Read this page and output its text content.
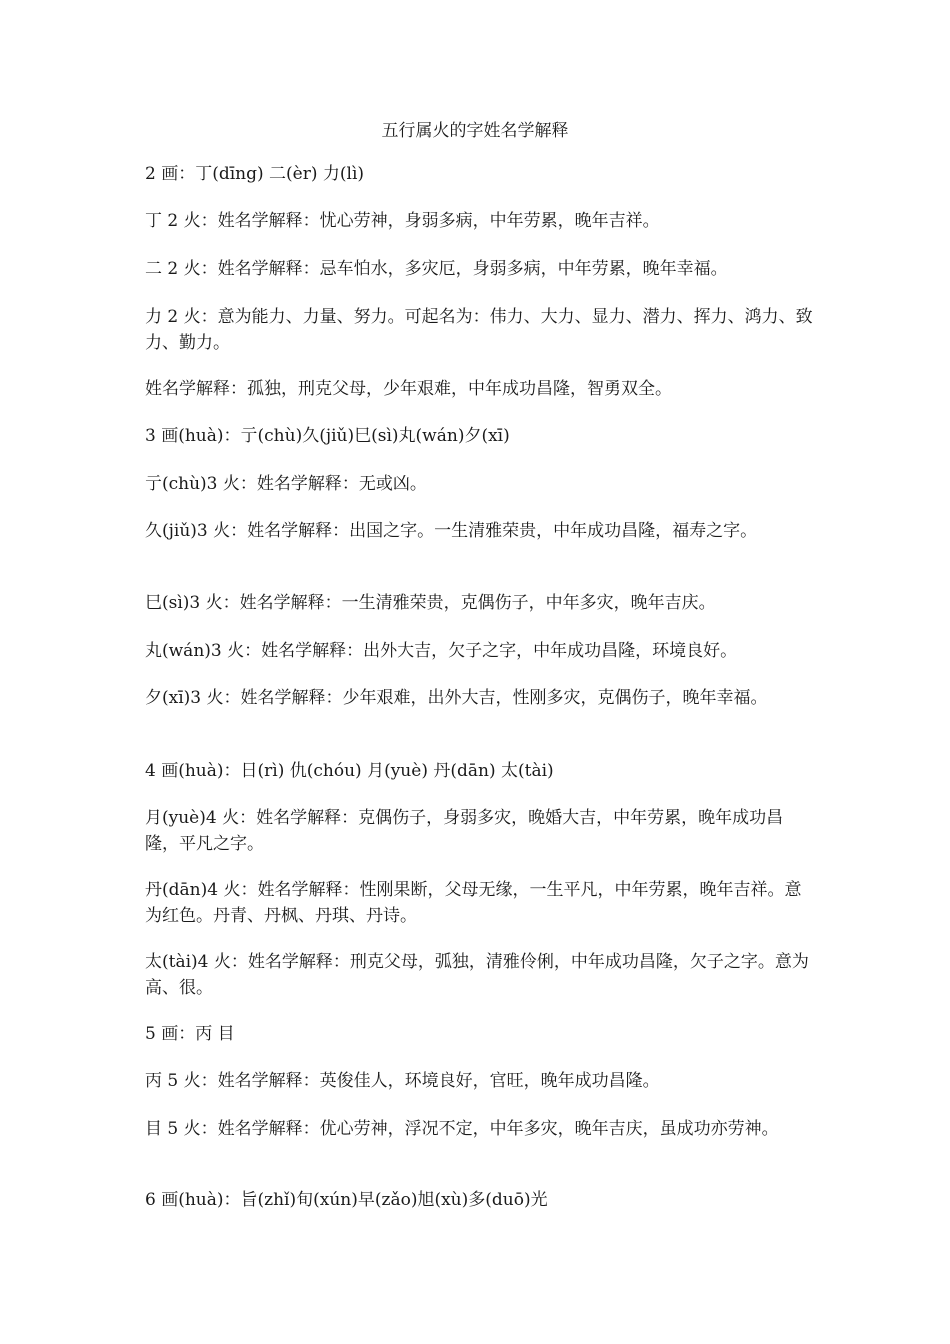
五行属火的字姓名学解释

2 画：丁(dīng) 二(èr) 力(lì)

丁 2 火：姓名学解释：忧心劳神，身弱多病，中年劳累，晚年吉祥。

二 2 火：姓名学解释：忌车怕水，多灾厄，身弱多病，中年劳累，晚年幸福。

力 2 火：意为能力、力量、努力。可起名为：伟力、大力、显力、潜力、挥力、鸿力、致力、勤力。

姓名学解释：孤独，刑克父母，少年艰难，中年成功昌隆，智勇双全。

3 画(huà)：亍(chù)久(jiǔ)巳(sì)丸(wán)夕(xī)

亍(chù)3 火：姓名学解释：无或凶。

久(jiǔ)3 火：姓名学解释：出国之字。一生清雅荣贵，中年成功昌隆，福寿之字。

巳(sì)3 火：姓名学解释：一生清雅荣贵，克偶伤子，中年多灾，晚年吉庆。

丸(wán)3 火：姓名学解释：出外大吉，欠子之字，中年成功昌隆，环境良好。

夕(xī)3 火：姓名学解释：少年艰难，出外大吉，性刚多灾，克偶伤子，晚年幸福。

4 画(huà)：日(rì) 仇(chóu) 月(yuè) 丹(dān) 太(tài)

月(yuè)4 火：姓名学解释：克偶伤子，身弱多灾，晚婚大吉，中年劳累，晚年成功昌隆，平凡之字。

丹(dān)4 火：姓名学解释：性刚果断，父母无缘，一生平凡，中年劳累，晚年吉祥。意为红色。丹青、丹枫、丹琪、丹诗。

太(tài)4 火：姓名学解释：刑克父母，弧独，清雅伶俐，中年成功昌隆，欠子之字。意为高、很。

5 画：丙 目

丙 5 火：姓名学解释：英俊佳人，环境良好，官旺，晚年成功昌隆。

目 5 火：姓名学解释：优心劳神，浮况不定，中年多灾，晚年吉庆，虽成功亦劳神。

6 画(huà)：旨(zhǐ)旬(xún)早(zǎo)旭(xù)多(duō)光
